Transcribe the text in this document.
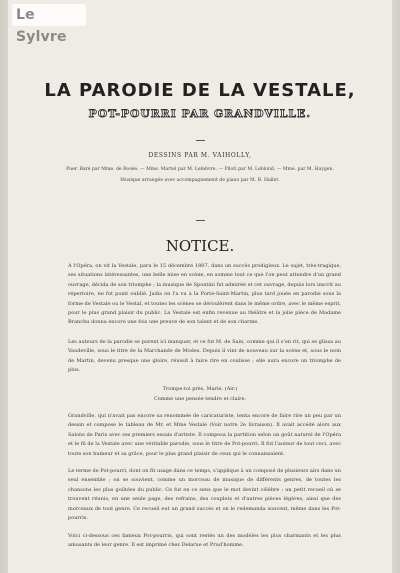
Le Sylvre
LA PARODIE DE LA VESTALE,
POT-POURRI PAR GRANDVILLE.
DESSINS PAR M. VAIHOLLY,
Puer. Baré par Mme. de Rosée. — Mme. Martel par M. Lefebvre. — Piloti par M. Leblond. — Mme. par M. Haygen.
Musique arrangée avec accompagnement de piano par M. B. Hallet.
NOTICE.
A l'Opéra, on vit la Vestale, paru le 15 décembre 1807, dans un succès prodigieux. Le sujet, très-tragique, ses situations intéressantes, une belle mise en scène, en somme tout ce que l'on peut attendre d'un grand ouvrage, décida de son triomphe ; la musique de Spontini fut admirée et cet ouvrage, depuis lors inscrit au répertoire, ne fut point oublié. Jadis on l'a vu à la Porte-Saint-Martin, plus tard jouée en parodie sous la forme de Vestale ou le Vestal, et toutes les scènes se déroulèrent dans le même ordre, avec le même esprit, pour le plus grand plaisir du public. La Vestale est enfin revenue au théâtre et la jolie pièce de Madame Branchu donna encore une fois une preuve de son talent et de son charme.
Les auteurs de la parodie se purent ici manquer, et ce fut M. de Sain, comme qui il s'en rit, qui se glissa au Vaudeville, sous le titre de la Marchande de Modes. Depuis il vint de nouveau sur la scène et, sous le nom de Martin, devenu presque une gloire, réussit à faire rire en coulisse ; elle aura encore un triomphe de plus.
Trompe-toi près, Marie. (Air.)
Comme une pensée tendre et claire.
Grandville, qui n'avait pas encore sa renommée de caricaturiste, tenta encore de faire rire un peu par un dessin et compose le tableau de Mr. et Mme Vestale (Voir notre 2e livraison). Il avait accédé alors aux Salons de Paris avec ses premiers essais d'artiste. Il composa la partition selon un goût naturel de l'Opéra et le fil de la Vestale avec une véritable parodie, sous le titre de Pot-pourri. Il fut l'auteur de tout ceci, avec toute son humeur et sa grâce, pour le plus grand plaisir de ceux qui le connaissaient.
Le terme de Pot-pourri, dont on fit usage dans ce temps, s'applique à un composé de plusieurs airs dans un seul ensemble ; on se souvient, comme un morceau de musique de différents genres, de toutes les chansons les plus goûtées du public. Ce fut en ce sens que le mot devint célèbre : un petit recueil où se trouvent réunis, en une seule page, des refrains, des couplets et d'autres pièces légères, ainsi que des morceaux de tout genre. Ce recueil eut un grand succès et on le redemanda souvent, même dans les Pot-pourris.
Voici ci-dessous ces fameux Pot-pourris, qui sont restés un des modèles les plus charmants et les plus amusants de leur genre. Il est imprimé chez Delarue et Prud'homme.
